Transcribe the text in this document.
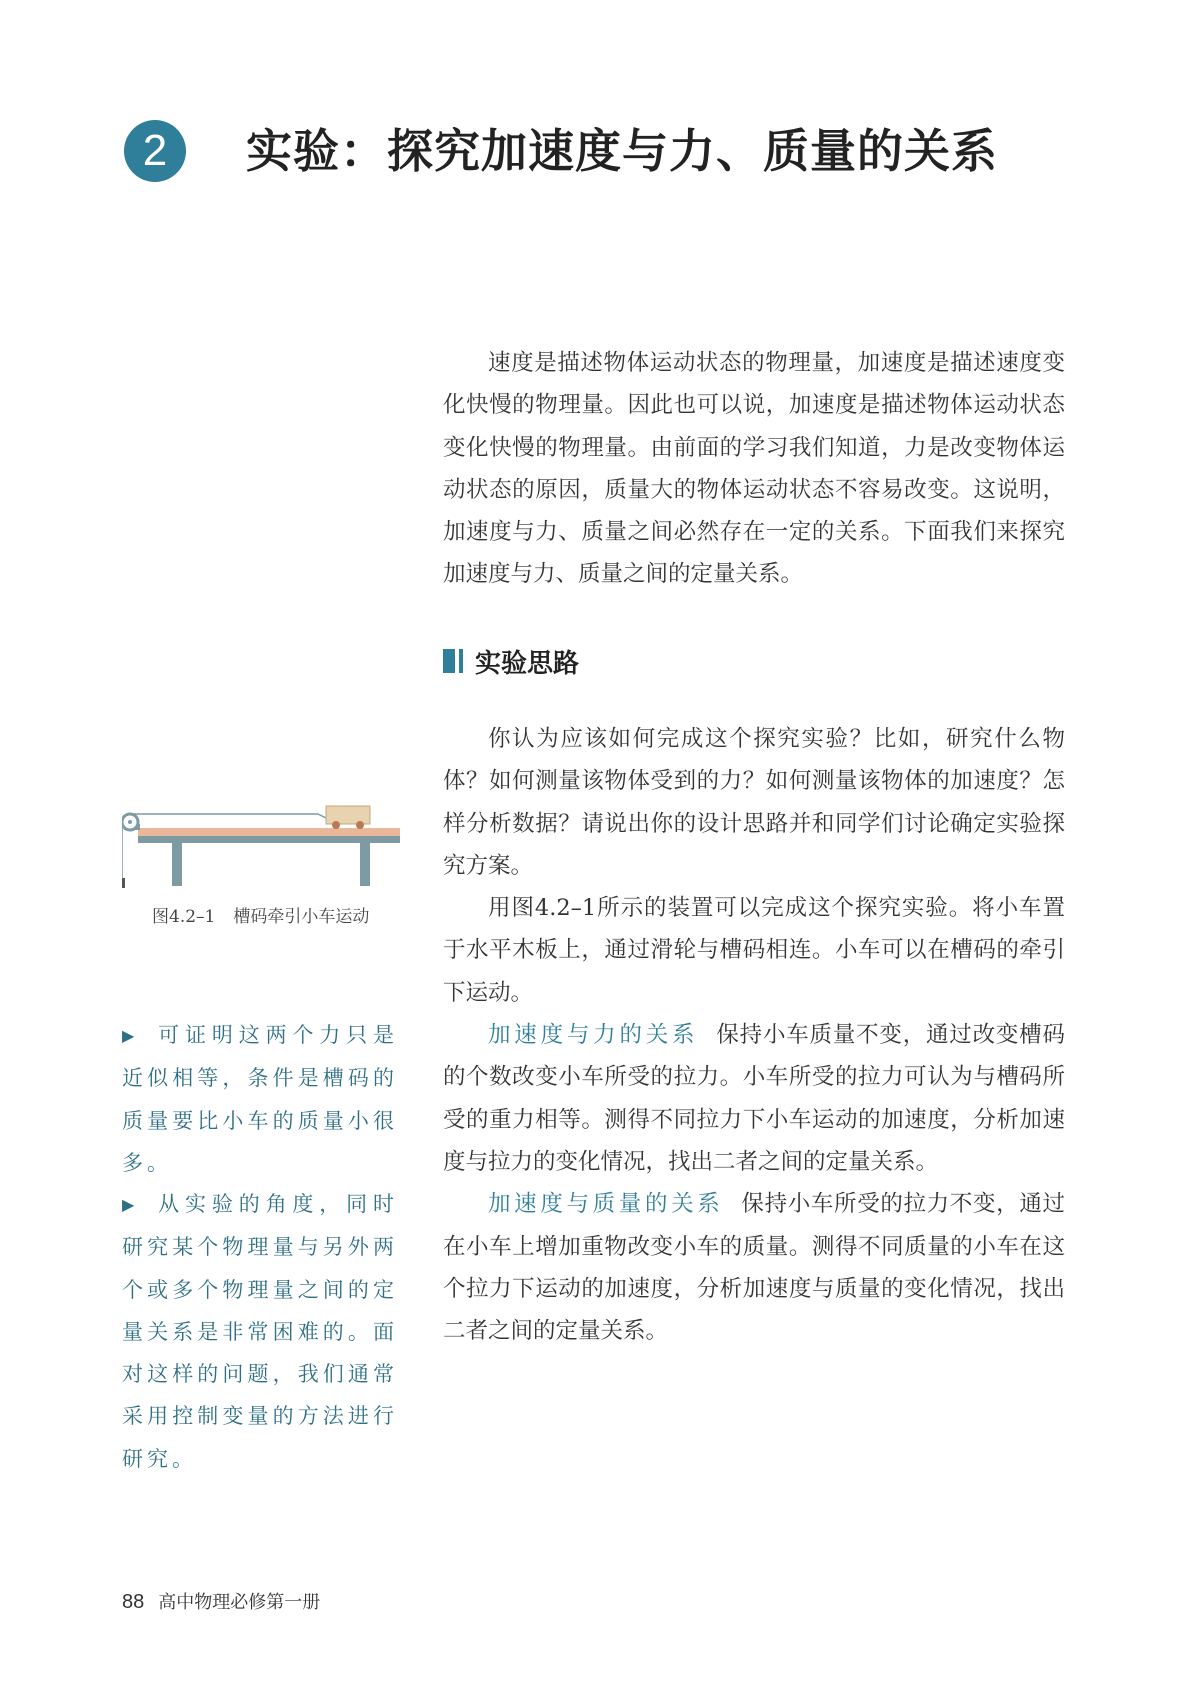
2	实验：探究加速度与力、质量的关系

速度是描述物体运动状态的物理量，加速度是描述速度变化快慢的物理量。因此也可以说，加速度是描述物体运动状态变化快慢的物理量。由前面的学习我们知道，力是改变物体运动状态的原因，质量大的物体运动状态不容易改变。这说明，加速度与力、质量之间必然存在一定的关系。下面我们来探究加速度与力、质量之间的定量关系。

实验思路

你认为应该如何完成这个探究实验？比如，研究什么物体？如何测量该物体受到的力？如何测量该物体的加速度？怎样分析数据？请说出你的设计思路并和同学们讨论确定实验探究方案。

用图4.2–1所示的装置可以完成这个探究实验。将小车置于水平木板上，通过滑轮与槽码相连。小车可以在槽码的牵引下运动。

加速度与力的关系 保持小车质量不变，通过改变槽码的个数改变小车所受的拉力。小车所受的拉力可认为与槽码所受的重力相等。测得不同拉力下小车运动的加速度，分析加速度与拉力的变化情况，找出二者之间的定量关系。

加速度与质量的关系 保持小车所受的拉力不变，通过在小车上增加重物改变小车的质量。测得不同质量的小车在这个拉力下运动的加速度，分析加速度与质量的变化情况，找出二者之间的定量关系。

图4.2–1 槽码牵引小车运动
▶ 可证明这两个力只是近似相等，条件是槽码的质量要比小车的质量小很多。
▶ 从实验的角度，同时研究某个物理量与另外两个或多个物理量之间的定量关系是非常困难的。面对这样的问题，我们通常采用控制变量的方法进行研究。
88 高中物理必修第一册
